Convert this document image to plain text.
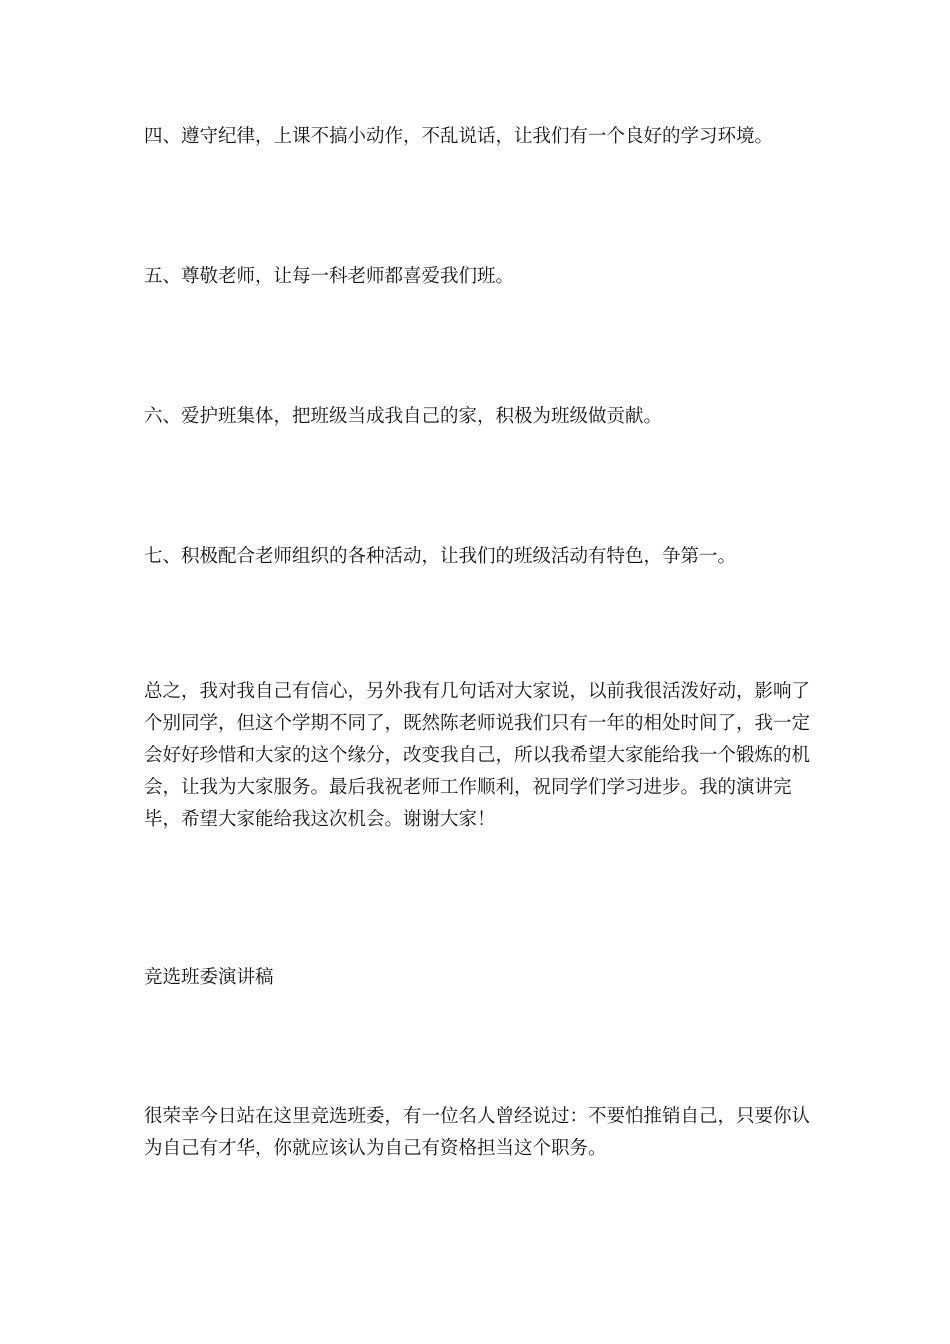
四、遵守纪律，上课不搞小动作，不乱说话，让我们有一个良好的学习环境。

五、尊敬老师，让每一科老师都喜爱我们班。

六、爱护班集体，把班级当成我自己的家，积极为班级做贡献。

七、积极配合老师组织的各种活动，让我们的班级活动有特色，争第一。

总之，我对我自己有信心，另外我有几句话对大家说，以前我很活泼好动，影响了个别同学，但这个学期不同了，既然陈老师说我们只有一年的相处时间了，我一定会好好珍惜和大家的这个缘分，改变我自己，所以我希望大家能给我一个锻炼的机会，让我为大家服务。最后我祝老师工作顺利，祝同学们学习进步。我的演讲完毕，希望大家能给我这次机会。谢谢大家！

竞选班委演讲稿

很荣幸今日站在这里竞选班委，有一位名人曾经说过：不要怕推销自己，只要你认为自己有才华，你就应该认为自己有资格担当这个职务。
